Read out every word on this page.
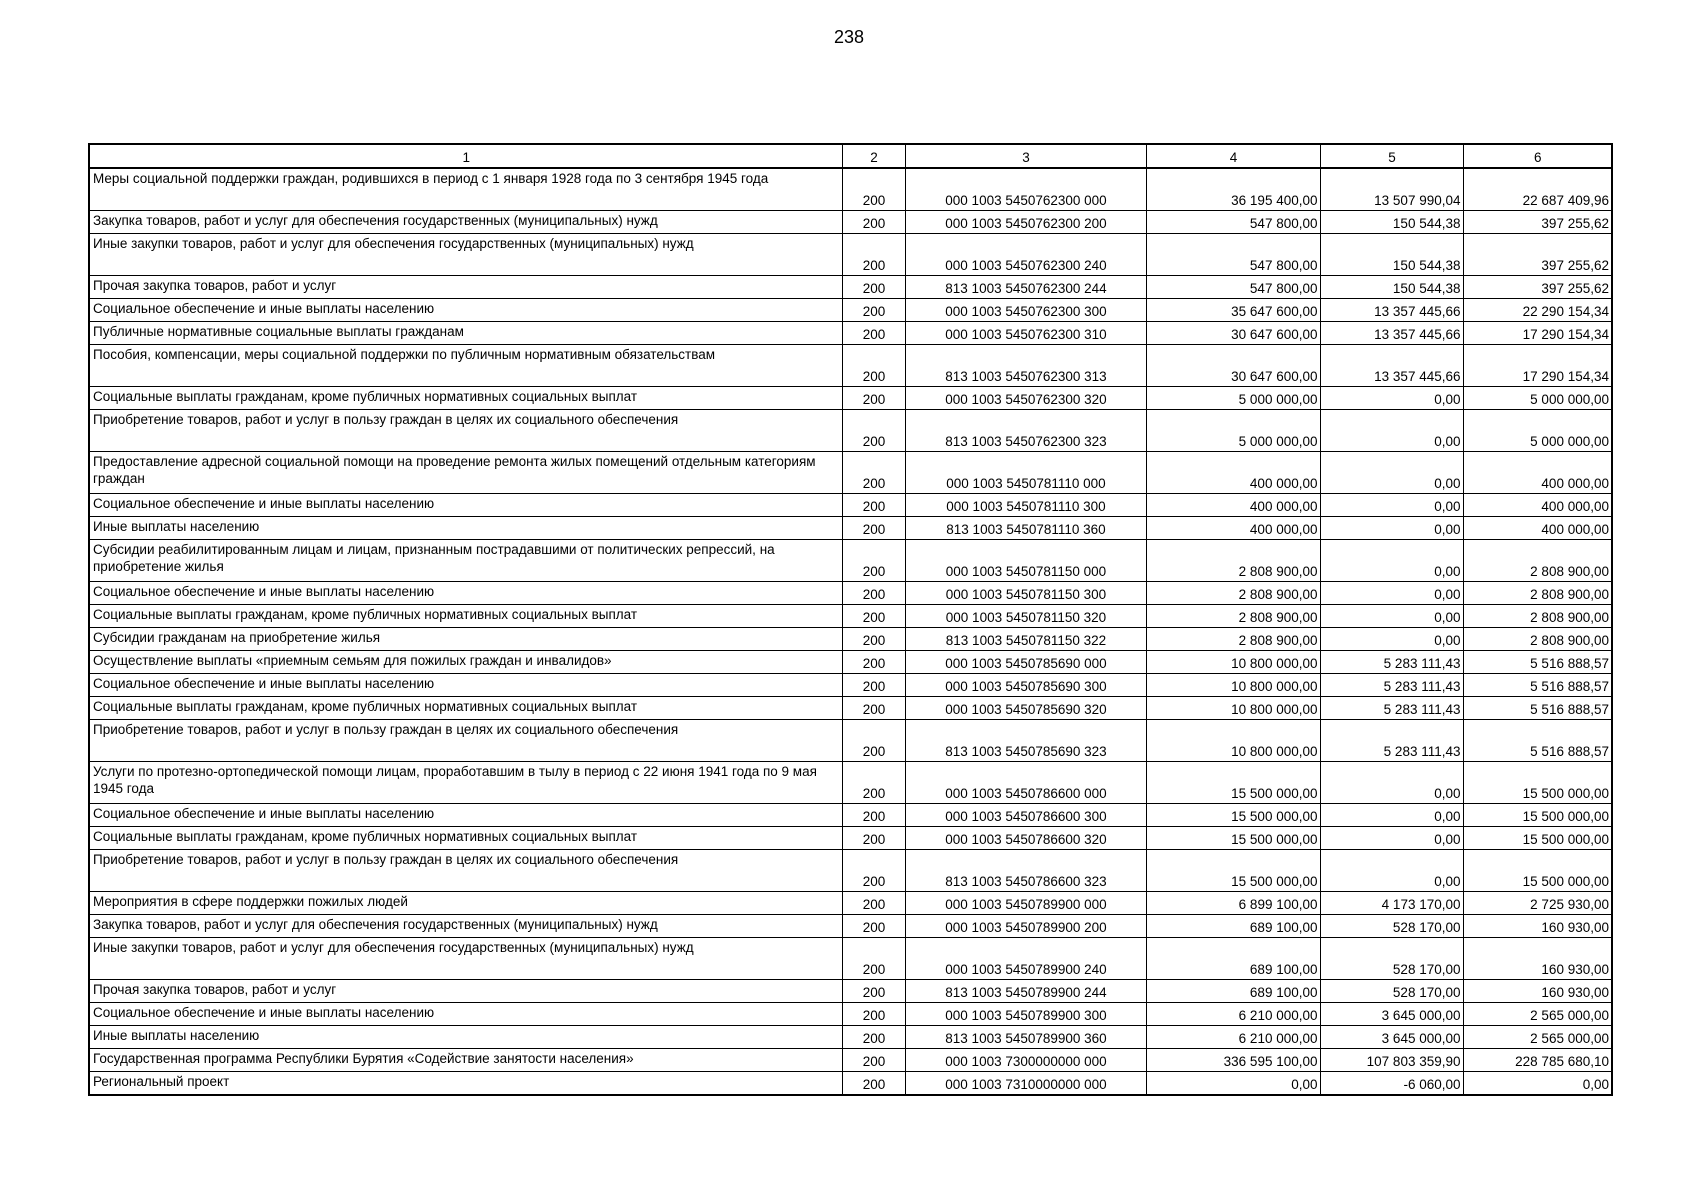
238
1	2	3	4	5	6
Меры социальной поддержки граждан, родившихся в период с 1 января 1928 года по 3 сентября 1945 года	200	000 1003 5450762300 000	36 195 400,00	13 507 990,04	22 687 409,96
Закупка товаров, работ и услуг для обеспечения государственных (муниципальных) нужд	200	000 1003 5450762300 200	547 800,00	150 544,38	397 255,62
Иные закупки товаров, работ и услуг для обеспечения государственных (муниципальных) нужд	200	000 1003 5450762300 240	547 800,00	150 544,38	397 255,62
Прочая закупка товаров, работ и услуг	200	813 1003 5450762300 244	547 800,00	150 544,38	397 255,62
Социальное обеспечение и иные выплаты населению	200	000 1003 5450762300 300	35 647 600,00	13 357 445,66	22 290 154,34
Публичные нормативные социальные выплаты гражданам	200	000 1003 5450762300 310	30 647 600,00	13 357 445,66	17 290 154,34
Пособия, компенсации, меры социальной поддержки по публичным нормативным обязательствам	200	813 1003 5450762300 313	30 647 600,00	13 357 445,66	17 290 154,34
Социальные выплаты гражданам, кроме публичных нормативных социальных выплат	200	000 1003 5450762300 320	5 000 000,00	0,00	5 000 000,00
Приобретение товаров, работ и услуг в пользу граждан в целях их социального обеспечения	200	813 1003 5450762300 323	5 000 000,00	0,00	5 000 000,00
Предоставление адресной социальной помощи на проведение ремонта жилых помещений отдельным категориям граждан	200	000 1003 5450781110 000	400 000,00	0,00	400 000,00
Социальное обеспечение и иные выплаты населению	200	000 1003 5450781110 300	400 000,00	0,00	400 000,00
Иные выплаты населению	200	813 1003 5450781110 360	400 000,00	0,00	400 000,00
Субсидии реабилитированным лицам и лицам, признанным пострадавшими от политических репрессий, на приобретение жилья	200	000 1003 5450781150 000	2 808 900,00	0,00	2 808 900,00
Социальное обеспечение и иные выплаты населению	200	000 1003 5450781150 300	2 808 900,00	0,00	2 808 900,00
Социальные выплаты гражданам, кроме публичных нормативных социальных выплат	200	000 1003 5450781150 320	2 808 900,00	0,00	2 808 900,00
Субсидии гражданам на приобретение жилья	200	813 1003 5450781150 322	2 808 900,00	0,00	2 808 900,00
Осуществление выплаты «приемным семьям для пожилых граждан и инвалидов»	200	000 1003 5450785690 000	10 800 000,00	5 283 111,43	5 516 888,57
Социальное обеспечение и иные выплаты населению	200	000 1003 5450785690 300	10 800 000,00	5 283 111,43	5 516 888,57
Социальные выплаты гражданам, кроме публичных нормативных социальных выплат	200	000 1003 5450785690 320	10 800 000,00	5 283 111,43	5 516 888,57
Приобретение товаров, работ и услуг в пользу граждан в целях их социального обеспечения	200	813 1003 5450785690 323	10 800 000,00	5 283 111,43	5 516 888,57
Услуги по протезно-ортопедической помощи лицам, проработавшим в тылу в период с 22 июня 1941 года по 9 мая 1945 года	200	000 1003 5450786600 000	15 500 000,00	0,00	15 500 000,00
Социальное обеспечение и иные выплаты населению	200	000 1003 5450786600 300	15 500 000,00	0,00	15 500 000,00
Социальные выплаты гражданам, кроме публичных нормативных социальных выплат	200	000 1003 5450786600 320	15 500 000,00	0,00	15 500 000,00
Приобретение товаров, работ и услуг в пользу граждан в целях их социального обеспечения	200	813 1003 5450786600 323	15 500 000,00	0,00	15 500 000,00
Мероприятия в сфере поддержки пожилых людей	200	000 1003 5450789900 000	6 899 100,00	4 173 170,00	2 725 930,00
Закупка товаров, работ и услуг для обеспечения государственных (муниципальных) нужд	200	000 1003 5450789900 200	689 100,00	528 170,00	160 930,00
Иные закупки товаров, работ и услуг для обеспечения государственных (муниципальных) нужд	200	000 1003 5450789900 240	689 100,00	528 170,00	160 930,00
Прочая закупка товаров, работ и услуг	200	813 1003 5450789900 244	689 100,00	528 170,00	160 930,00
Социальное обеспечение и иные выплаты населению	200	000 1003 5450789900 300	6 210 000,00	3 645 000,00	2 565 000,00
Иные выплаты населению	200	813 1003 5450789900 360	6 210 000,00	3 645 000,00	2 565 000,00
Государственная программа Республики Бурятия «Содействие занятости населения»	200	000 1003 7300000000 000	336 595 100,00	107 803 359,90	228 785 680,10
Региональный проект	200	000 1003 7310000000 000	0,00	-6 060,00	0,00
